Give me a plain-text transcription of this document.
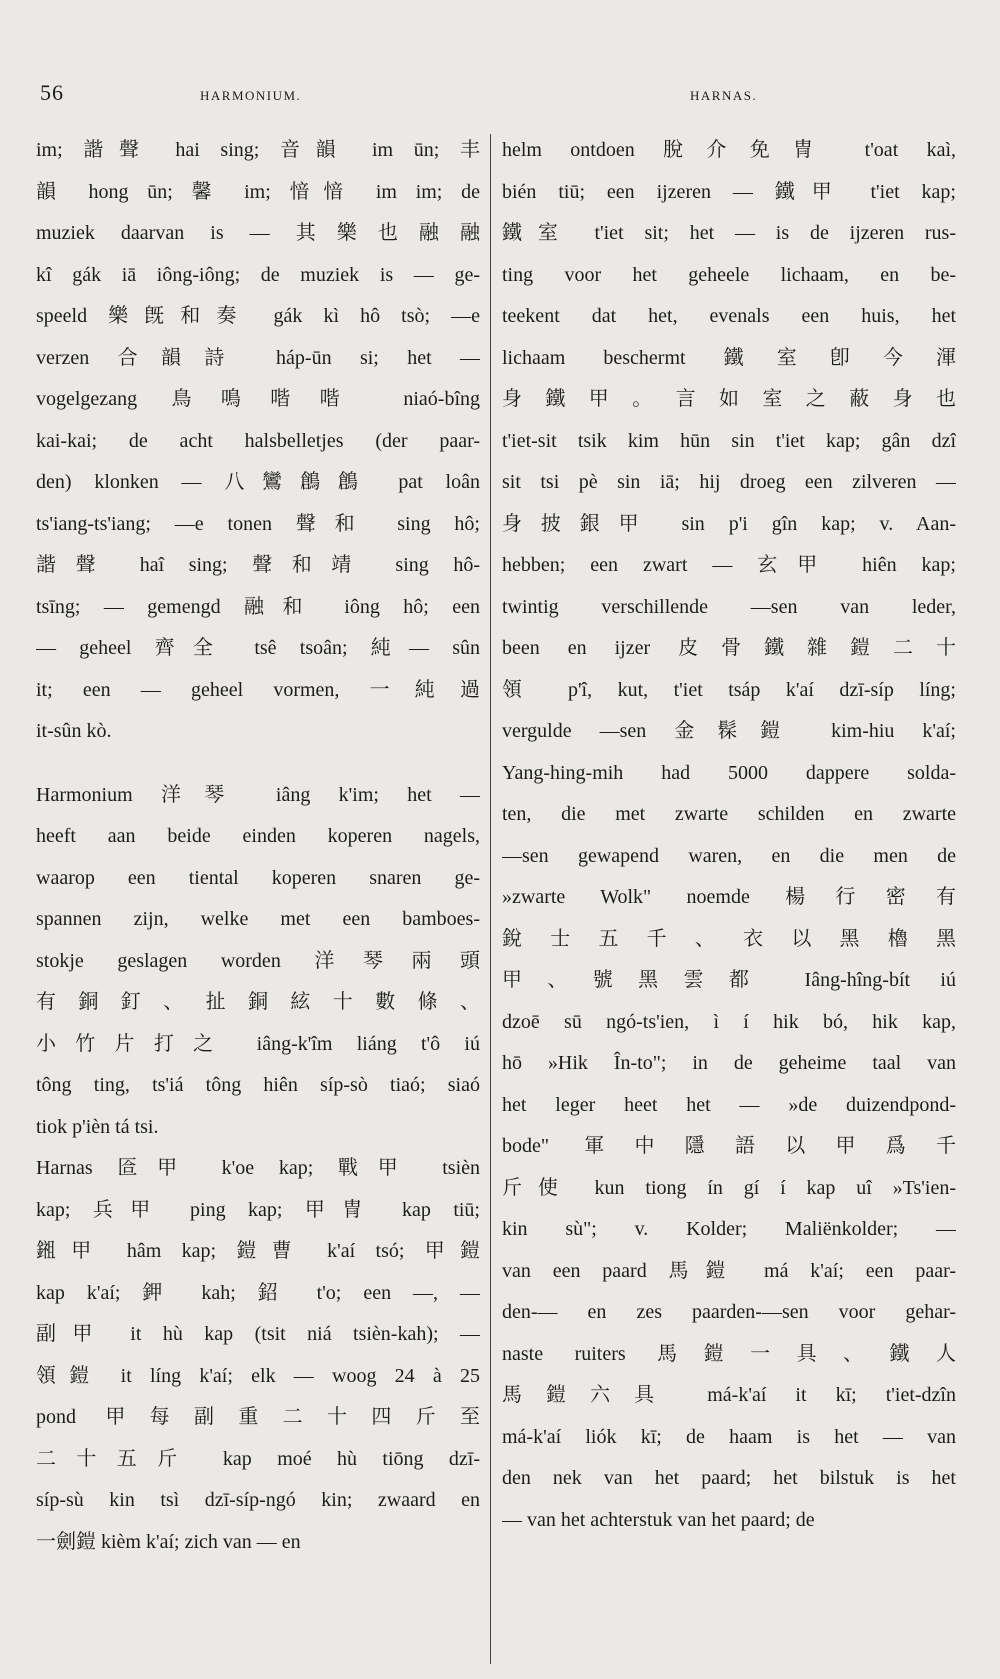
56	HARMONIUM.	HARNAS.
im; 諧聲 hai sing; 音韻 im ūn; 丰
韻 hong ūn; 馨 im; 愔愔 im im; de
muziek daarvan is — 其樂也融融
kî gák iā iông-iông; de muziek is — ge-
speeld 樂旣和奏 gák kì hô tsò; —e
verzen 合韻詩 háp-ūn si; het —
vogelgezang 鳥鳴喈喈 niaó-bîng
kai-kai; de acht halsbelletjes (der paar-
den) klonken — 八鸞鶬鶬 pat loân
ts'iang-ts'iang; —e tonen 聲和 sing hô;
諧聲 haî sing; 聲和靖 sing hô-
tsīng; — gemengd 融和 iông hô; een
— geheel 齊全 tsê tsoân; 純— sûn
it; een — geheel vormen, 一純過
it-sûn kò.
Harmonium 洋琴 iâng k'im; het —
heeft aan beide einden koperen nagels,
waarop een tiental koperen snaren ge-
spannen zijn, welke met een bamboes-
stokje geslagen worden 洋琴兩頭
有銅釘、扯銅絃十數條、
小竹片打之 iâng-k'îm liáng t'ô iú
tông ting, ts'iá tông hiên síp-sò tiaó; siaó
tiok p'ièn tá tsi.
Harnas 匼甲 k'oe kap; 戰甲 tsièn
kap; 兵甲 ping kap; 甲冑 kap tiū;
鎺甲 hâm kap; 鎧曹 k'aí tsó; 甲鎧
kap k'aí; 鉀 kah; 鉊 t'o; een —, —
副甲 it hù kap (tsit niá tsièn-kah); —
領鎧 it líng k'aí; elk — woog 24 à 25
pond 甲每副重二十四斤至
二十五斤 kap moé hù tiōng dzī-
síp-sù kin tsì dzī-síp-ngó kin; zwaard en
一劍鎧 kièm k'aí; zich van — en
helm ontdoen 脫介免冑 t'oat kaì,
bién tiū; een ijzeren — 鐵甲 t'iet kap;
鐵室 t'iet sit; het — is de ijzeren rus-
ting voor het geheele lichaam, en be-
teekent dat het, evenals een huis, het
lichaam beschermt 鐵室卽今渾
身鐵甲。言如室之蔽身也
t'iet-sit tsik kim hūn sin t'iet kap; gân dzî
sit tsi pè sin iā; hij droeg een zilveren —
身披銀甲 sin p'i gîn kap; v. Aan-
hebben; een zwart — 玄甲 hiên kap;
twintig verschillende —sen van leder,
been en ijzer 皮骨鐵雜鎧二十
領 p'î, kut, t'iet tsáp k'aí dzī-síp líng;
vergulde —sen 金髹鎧 kim-hiu k'aí;
Yang-hing-mih had 5000 dappere solda-
ten, die met zwarte schilden en zwarte
—sen gewapend waren, en die men de
»zwarte Wolk" noemde 楊行密有
銳士五千、衣以黑櫓黑
甲、號黑雲都 Iâng-hîng-bít iú
dzoē sū ngó-ts'ien, ì í hik bó, hik kap,
hō »Hik În-to"; in de geheime taal van
het leger heet het — »de duizendpond-
bode" 軍中隱語以甲爲千
斤使 kun tiong ín gí í kap uî »Ts'ien-
kin sù"; v. Kolder; Maliënkolder; —
van een paard 馬鎧 má k'aí; een paar-
den-— en zes paarden-—sen voor gehar-
naste ruiters 馬鎧一具、鐵人
馬鎧六具 má-k'aí it kī; t'iet-dzîn
má-k'aí liók kī; de haam is het — van
den nek van het paard; het bilstuk is het
— van het achterstuk van het paard; de
